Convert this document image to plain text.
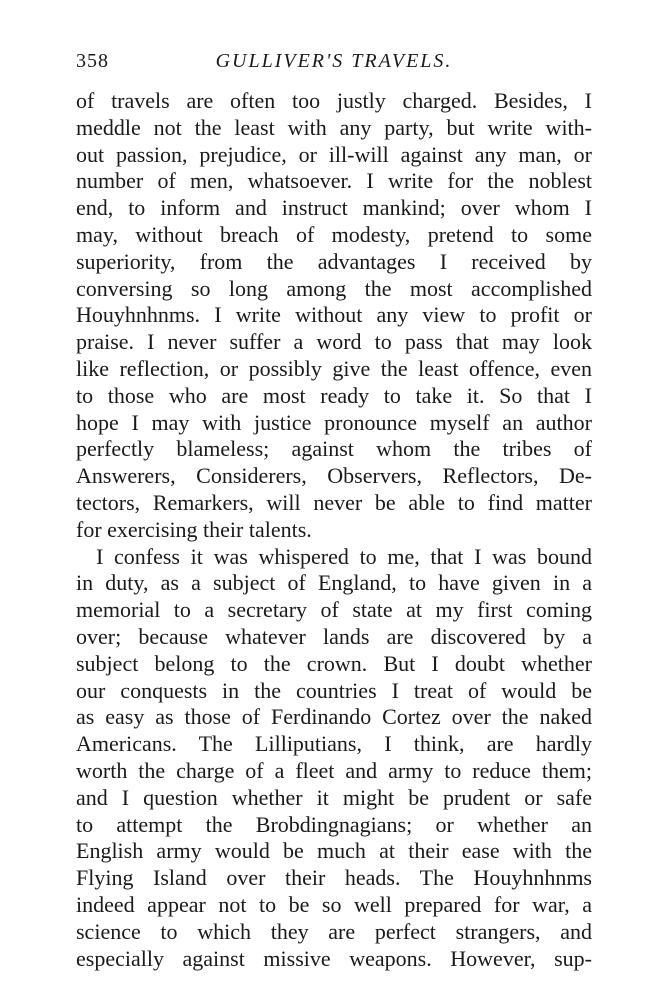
358	GULLIVER'S TRAVELS.
of travels are often too justly charged. Besides, I
meddle not the least with any party, but write with-
out passion, prejudice, or ill-will against any man, or
number of men, whatsoever. I write for the noblest
end, to inform and instruct mankind; over whom I
may, without breach of modesty, pretend to some
superiority, from the advantages I received by
conversing so long among the most accomplished
Houyhnhnms. I write without any view to profit or
praise. I never suffer a word to pass that may look
like reflection, or possibly give the least offence, even
to those who are most ready to take it. So that I
hope I may with justice pronounce myself an author
perfectly blameless; against whom the tribes of
Answerers, Considerers, Observers, Reflectors, De-
tectors, Remarkers, will never be able to find matter
for exercising their talents.
I confess it was whispered to me, that I was bound
in duty, as a subject of England, to have given in a
memorial to a secretary of state at my first coming
over; because whatever lands are discovered by a
subject belong to the crown. But I doubt whether
our conquests in the countries I treat of would be
as easy as those of Ferdinando Cortez over the naked
Americans. The Lilliputians, I think, are hardly
worth the charge of a fleet and army to reduce them;
and I question whether it might be prudent or safe
to attempt the Brobdingnagians; or whether an
English army would be much at their ease with the
Flying Island over their heads. The Houyhnhnms
indeed appear not to be so well prepared for war, a
science to which they are perfect strangers, and
especially against missive weapons. However, sup-
